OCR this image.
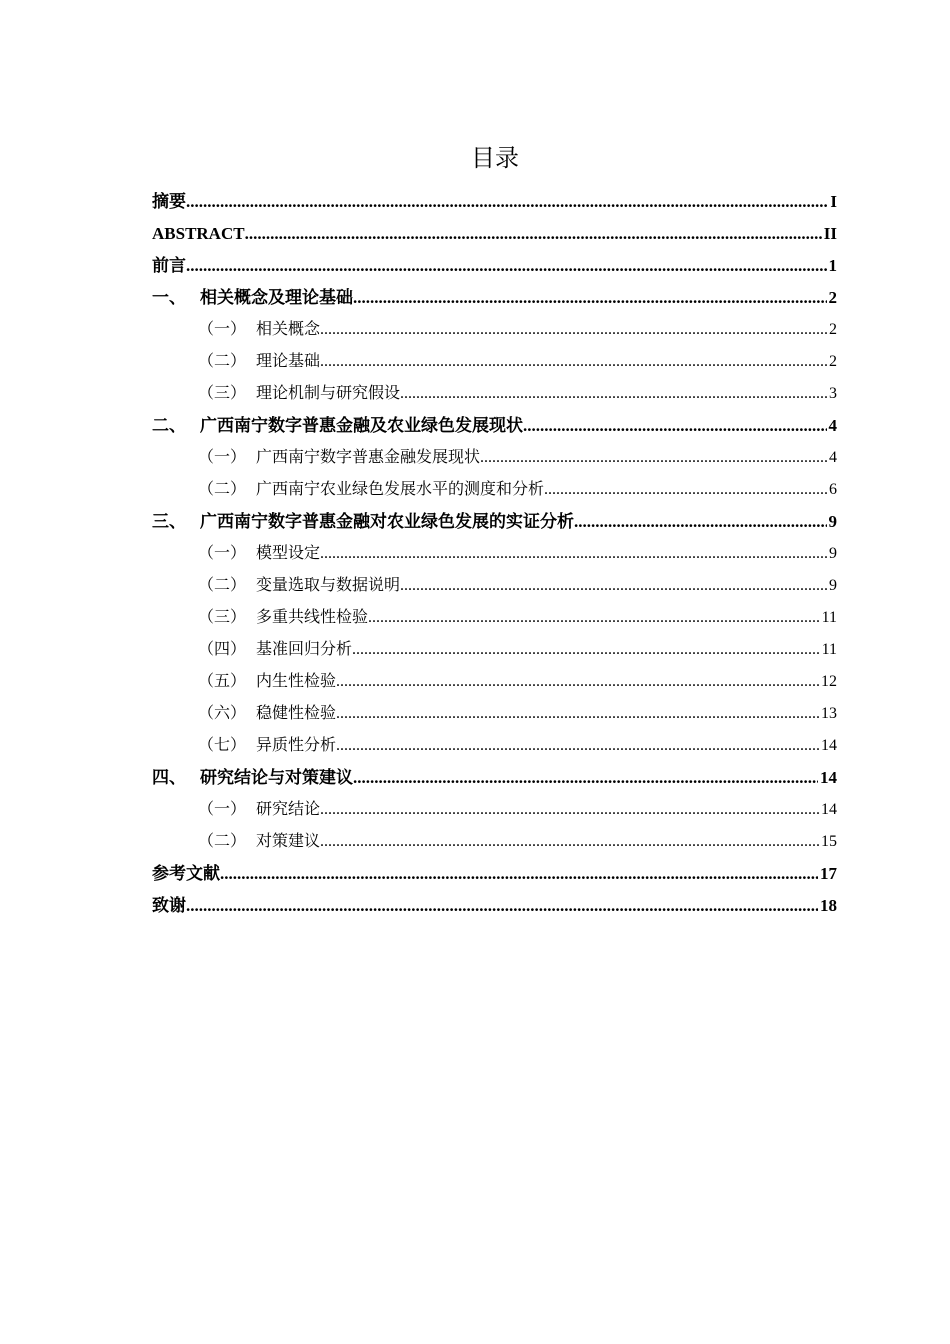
目录
摘要 .....	I
ABSTRACT .....	II
前言 .....	1
一、 相关概念及理论基础 .....	2
（一） 相关概念 .....	2
（二） 理论基础 .....	2
（三） 理论机制与研究假设 .....	3
二、 广西南宁数字普惠金融及农业绿色发展现状 .....	4
（一） 广西南宁数字普惠金融发展现状 .....	4
（二） 广西南宁农业绿色发展水平的测度和分析 .....	6
三、 广西南宁数字普惠金融对农业绿色发展的实证分析 .....	9
（一） 模型设定 .....	9
（二） 变量选取与数据说明 .....	9
（三） 多重共线性检验 .....	11
（四） 基准回归分析 .....	11
（五） 内生性检验 .....	12
（六） 稳健性检验 .....	13
（七） 异质性分析 .....	14
四、 研究结论与对策建议 .....	14
（一） 研究结论 .....	14
（二） 对策建议 .....	15
参考文献 .....	17
致谢 .....	18
